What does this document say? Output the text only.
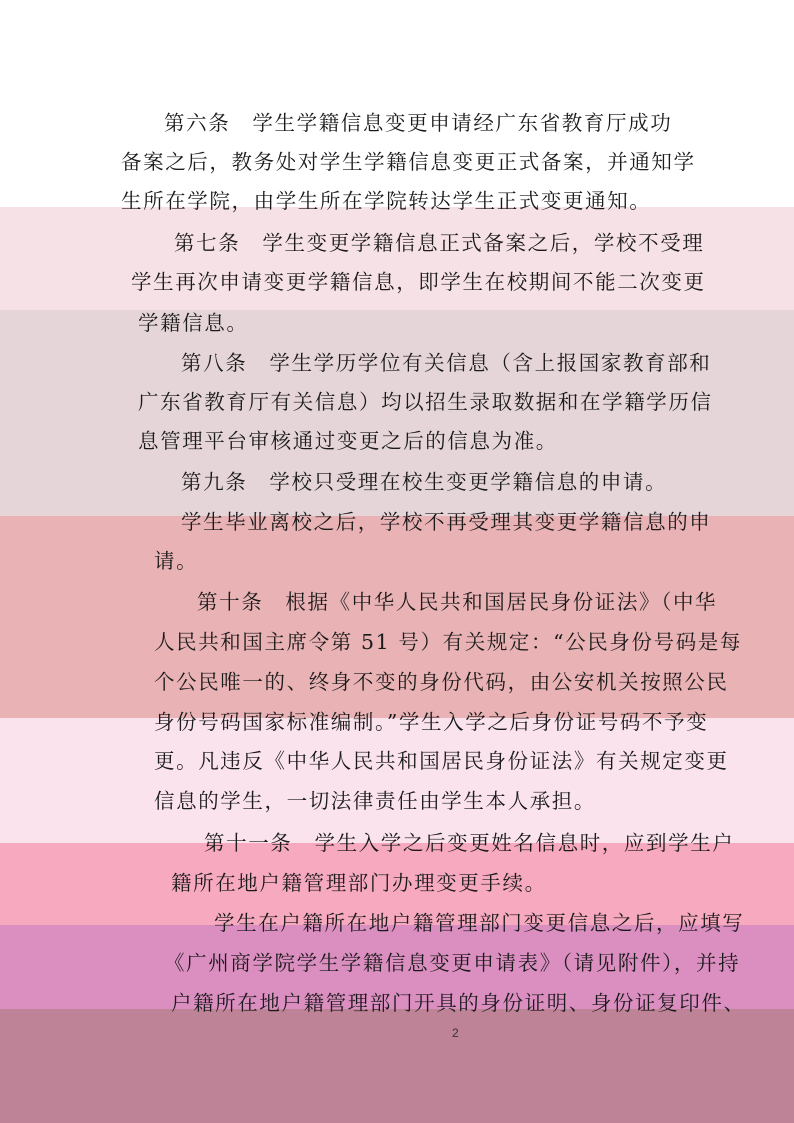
第六条　学生学籍信息变更申请经广东省教育厅成功
备案之后，教务处对学生学籍信息变更正式备案，并通知学
生所在学院，由学生所在学院转达学生正式变更通知。
第七条　学生变更学籍信息正式备案之后，学校不受理
学生再次申请变更学籍信息，即学生在校期间不能二次变更
学籍信息。
第八条　学生学历学位有关信息（含上报国家教育部和
广东省教育厅有关信息）均以招生录取数据和在学籍学历信
息管理平台审核通过变更之后的信息为准。
第九条　学校只受理在校生变更学籍信息的申请。
学生毕业离校之后，学校不再受理其变更学籍信息的申
请。
第十条　根据《中华人民共和国居民身份证法》（中华
人民共和国主席令第 51 号）有关规定：“公民身份号码是每
个公民唯一的、终身不变的身份代码，由公安机关按照公民
身份号码国家标准编制。”学生入学之后身份证号码不予变
更。凡违反《中华人民共和国居民身份证法》有关规定变更
信息的学生，一切法律责任由学生本人承担。
第十一条　学生入学之后变更姓名信息时，应到学生户
籍所在地户籍管理部门办理变更手续。
学生在户籍所在地户籍管理部门变更信息之后，应填写
《广州商学院学生学籍信息变更申请表》（请见附件），并持
户籍所在地户籍管理部门开具的身份证明、身份证复印件、
2
